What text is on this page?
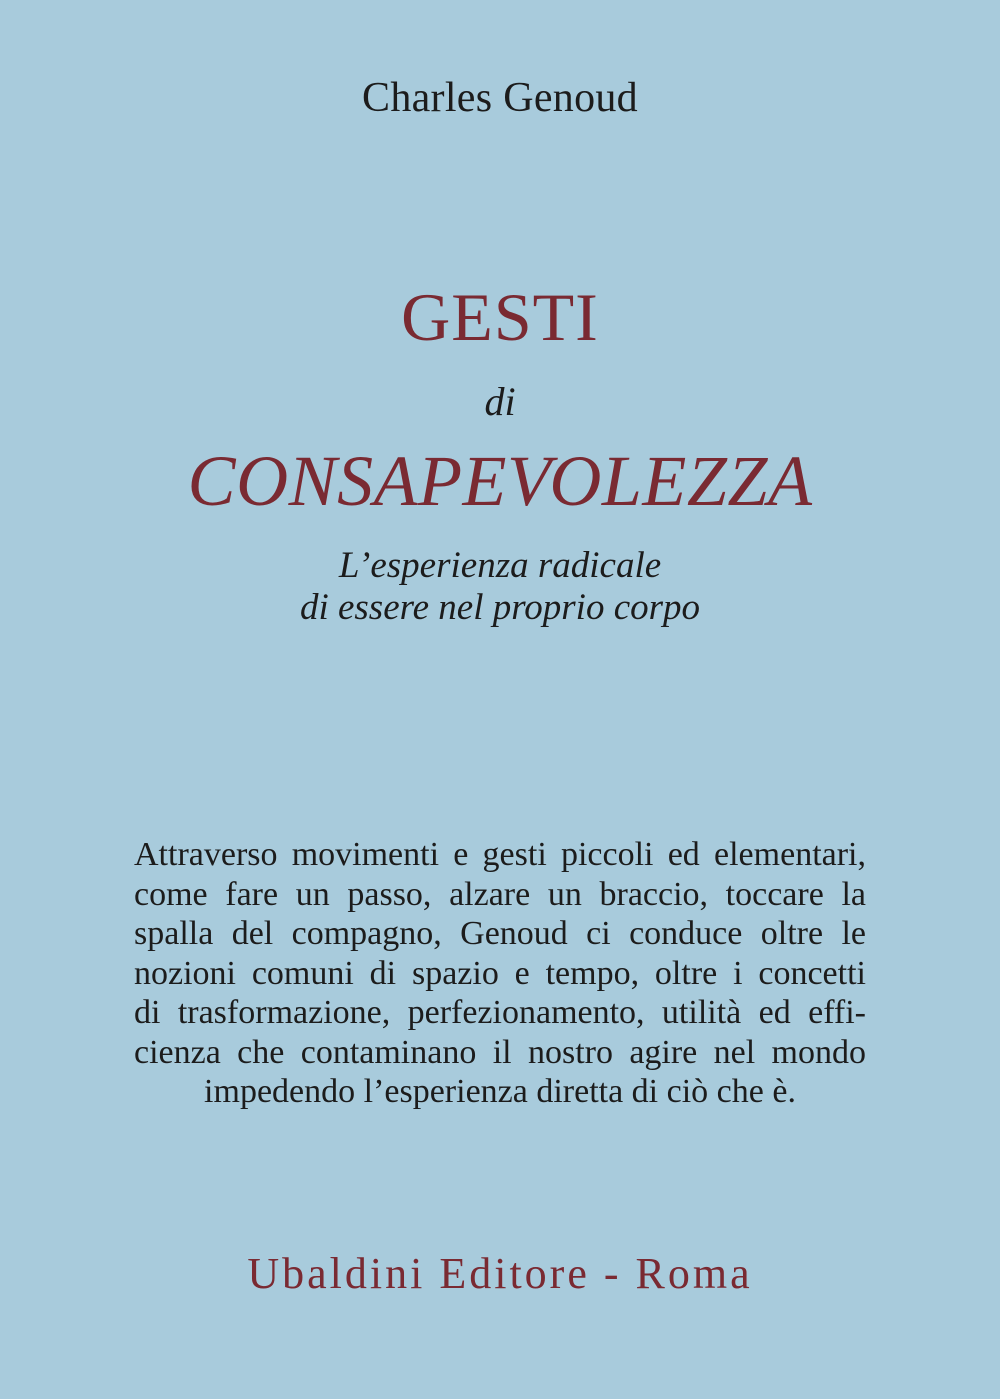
Charles Genoud
GESTI
di
CONSAPEVOLEZZA
L’esperienza radicale
di essere nel proprio corpo
Attraverso movimenti e gesti piccoli ed elementari,
come fare un passo, alzare un braccio, toccare la
spalla del compagno, Genoud ci conduce oltre le
nozioni comuni di spazio e tempo, oltre i concetti
di trasformazione, perfezionamento, utilità ed effi-
cienza che contaminano il nostro agire nel mondo
impedendo l’esperienza diretta di ciò che è.
Ubaldini Editore - Roma
